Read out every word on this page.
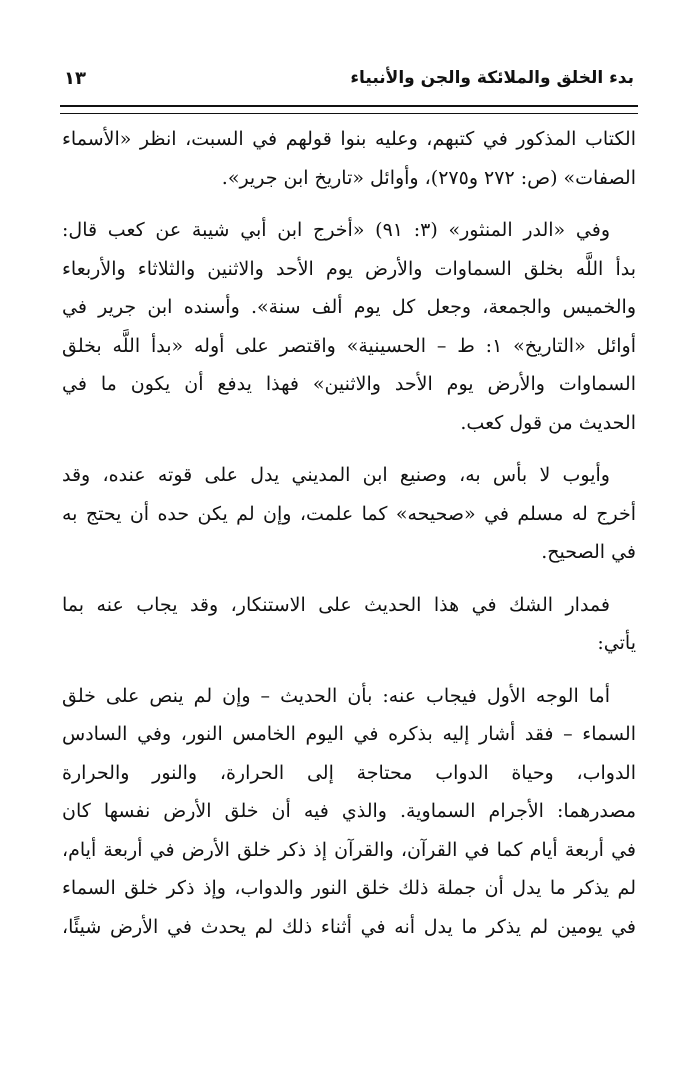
بدء الخلق والملائكة والجن والأنبياء
١٣

الكتاب المذكور في كتبهم، وعليه بنوا قولهم في السبت، انظر «الأسماء
الصفات» (ص: ٢٧٢ و٢٧٥)، وأوائل «تاريخ ابن جرير».

وفي «الدر المنثور» (٣: ٩١) «أخرج ابن أبي شيبة عن كعب قال:
بدأ اللَّه بخلق السماوات والأرض يوم الأحد والاثنين والثلاثاء والأربعاء
والخميس والجمعة، وجعل كل يوم ألف سنة». وأسنده ابن جرير في
أوائل «التاريخ» ١: ط – الحسينية» واقتصر على أوله «بدأ اللَّه بخلق
السماوات والأرض يوم الأحد والاثنين» فهذا يدفع أن يكون ما في
الحديث من قول كعب.

وأيوب لا بأس به، وصنيع ابن المديني يدل على قوته عنده، وقد
أخرج له مسلم في «صحيحه» كما علمت، وإن لم يكن حده أن يحتج به
في الصحيح.

فمدار الشك في هذا الحديث على الاستنكار، وقد يجاب عنه بما
يأتي:

أما الوجه الأول فيجاب عنه: بأن الحديث – وإن لم ينص على خلق
السماء – فقد أشار إليه بذكره في اليوم الخامس النور، وفي السادس
الدواب، وحياة الدواب محتاجة إلى الحرارة، والنور والحرارة
مصدرهما: الأجرام السماوية. والذي فيه أن خلق الأرض نفسها كان
في أربعة أيام كما في القرآن، والقرآن إذ ذكر خلق الأرض في أربعة أيام،
لم يذكر ما يدل أن جملة ذلك خلق النور والدواب، وإذ ذكر خلق السماء
في يومين لم يذكر ما يدل أنه في أثناء ذلك لم يحدث في الأرض شيئًا،
